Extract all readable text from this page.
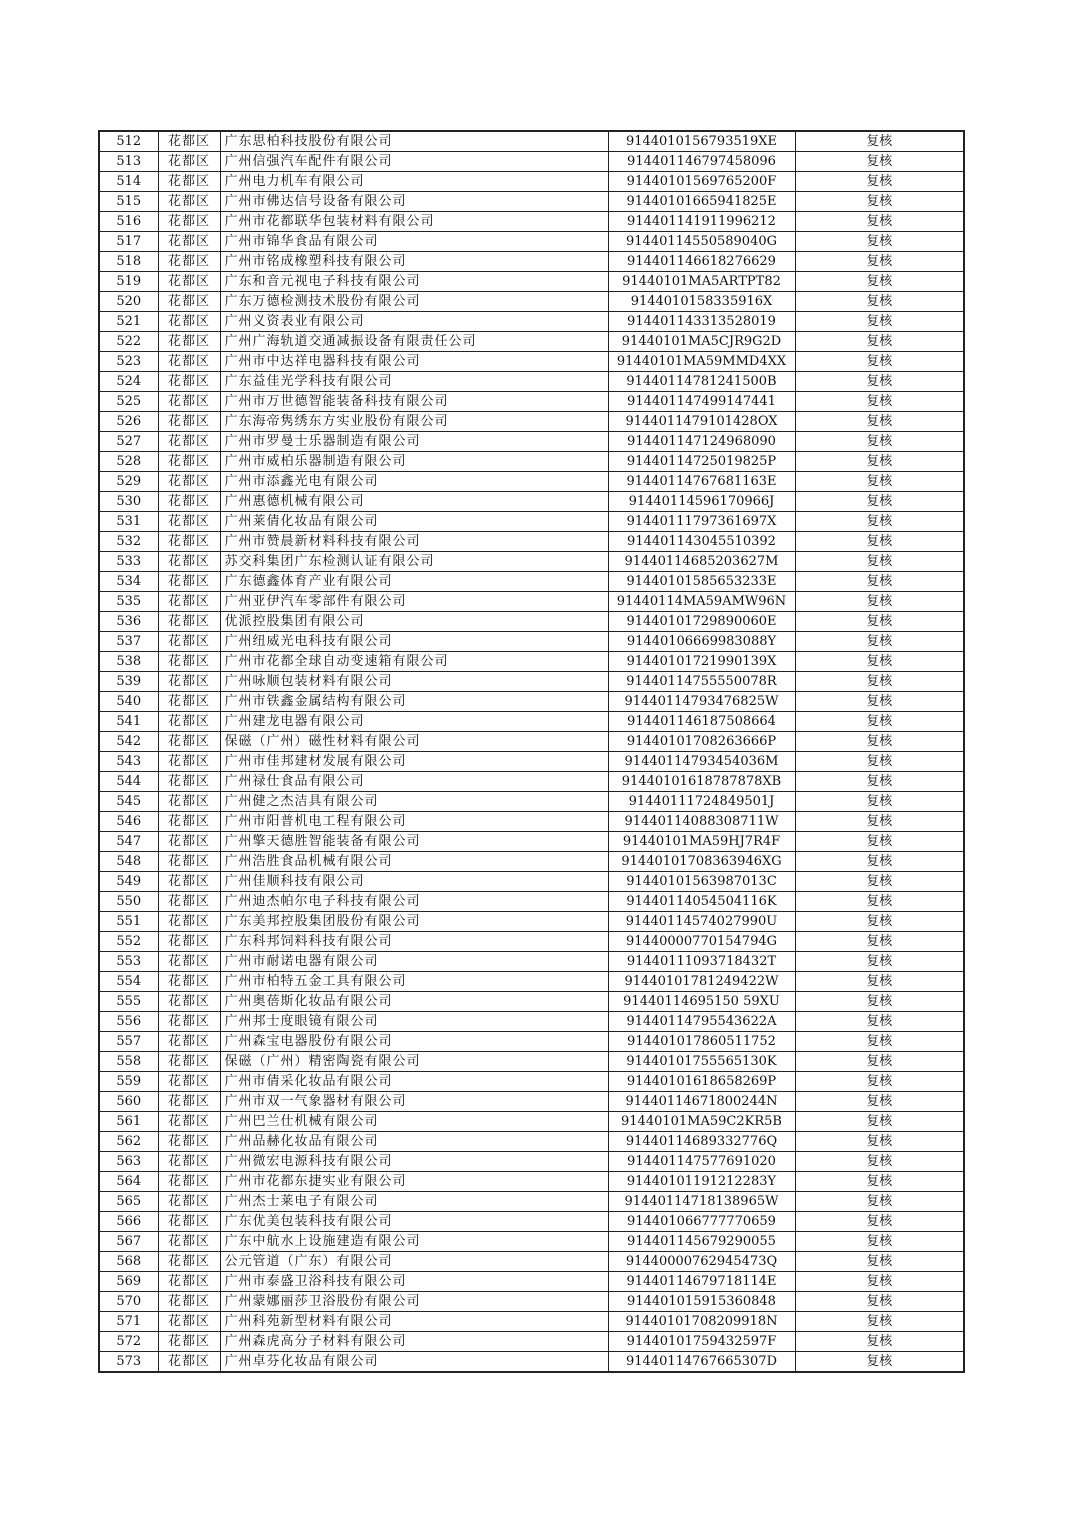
512	花都区	广东思柏科技股份有限公司	9144010156793519XE	复核
513	花都区	广州信强汽车配件有限公司	914401146797458096	复核
514	花都区	广州电力机车有限公司	91440101569765200F	复核
515	花都区	广州市佛达信号设备有限公司	91440101665941825E	复核
516	花都区	广州市花都联华包装材料有限公司	914401141911996212	复核
517	花都区	广州市锦华食品有限公司	91440114550589040G	复核
518	花都区	广州市铭成橡塑科技有限公司	914401146618276629	复核
519	花都区	广东和音元视电子科技有限公司	91440101MA5ARTPT82	复核
520	花都区	广东万德检测技术股份有限公司	9144010158335916X	复核
521	花都区	广州义资表业有限公司	914401143313528019	复核
522	花都区	广州广海轨道交通减振设备有限责任公司	91440101MA5CJR9G2D	复核
523	花都区	广州市中达祥电器科技有限公司	91440101MA59MMD4XX	复核
524	花都区	广东益佳光学科技有限公司	91440114781241500B	复核
525	花都区	广州市万世德智能装备科技有限公司	914401147499147441	复核
526	花都区	广东海帝隽绣东方实业股份有限公司	9144011479101428OX	复核
527	花都区	广州市罗曼士乐器制造有限公司	914401147124968090	复核
528	花都区	广州市威柏乐器制造有限公司	91440114725019825P	复核
529	花都区	广州市添鑫光电有限公司	91440114767681163E	复核
530	花都区	广州惠德机械有限公司	91440114596170966J	复核
531	花都区	广州莱倩化妆品有限公司	91440111797361697X	复核
532	花都区	广州市赞晨新材料科技有限公司	914401143045510392	复核
533	花都区	苏交科集团广东检测认证有限公司	91440114685203627M	复核
534	花都区	广东德鑫体育产业有限公司	91440101585653233E	复核
535	花都区	广州亚伊汽车零部件有限公司	91440114MA59AMW96N	复核
536	花都区	优派控股集团有限公司	91440101729890060E	复核
537	花都区	广州纽威光电科技有限公司	91440106669983088Y	复核
538	花都区	广州市花都全球自动变速箱有限公司	91440101721990139X	复核
539	花都区	广州咏顺包装材料有限公司	91440114755550078R	复核
540	花都区	广州市铁鑫金属结构有限公司	91440114793476825W	复核
541	花都区	广州建龙电器有限公司	914401146187508664	复核
542	花都区	保磁（广州）磁性材料有限公司	91440101708263666P	复核
543	花都区	广州市佳邦建材发展有限公司	91440114793454036M	复核
544	花都区	广州禄仕食品有限公司	91440101618787878XB	复核
545	花都区	广州健之杰洁具有限公司	91440111724849501J	复核
546	花都区	广州市阳普机电工程有限公司	91440114088308711W	复核
547	花都区	广州擎天德胜智能装备有限公司	91440101MA59HJ7R4F	复核
548	花都区	广州浩胜食品机械有限公司	91440101708363946XG	复核
549	花都区	广州佳顺科技有限公司	91440101563987013C	复核
550	花都区	广州迪杰帕尔电子科技有限公司	91440114054504116K	复核
551	花都区	广东美邦控股集团股份有限公司	91440114574027990U	复核
552	花都区	广东科邦饲料科技有限公司	91440000770154794G	复核
553	花都区	广州市耐诺电器有限公司	91440111093718432T	复核
554	花都区	广州市柏特五金工具有限公司	91440101781249422W	复核
555	花都区	广州奥蓓斯化妆品有限公司	91440114695150 59XU	复核
556	花都区	广州邦士度眼镜有限公司	91440114795543622A	复核
557	花都区	广州森宝电器股份有限公司	914401017860511752	复核
558	花都区	保磁（广州）精密陶瓷有限公司	91440101755565130K	复核
559	花都区	广州市倩采化妆品有限公司	91440101618658269P	复核
560	花都区	广州市双一气象器材有限公司	91440114671800244N	复核
561	花都区	广州巴兰仕机械有限公司	91440101MA59C2KR5B	复核
562	花都区	广州品赫化妆品有限公司	91440114689332776Q	复核
563	花都区	广州微宏电源科技有限公司	914401147577691020	复核
564	花都区	广州市花都东捷实业有限公司	91440101191212283Y	复核
565	花都区	广州杰士莱电子有限公司	91440114718138965W	复核
566	花都区	广东优美包装科技有限公司	914401066777770659	复核
567	花都区	广东中航水上设施建造有限公司	914401145679290055	复核
568	花都区	公元管道（广东）有限公司	91440000762945473Q	复核
569	花都区	广州市泰盛卫浴科技有限公司	91440114679718114E	复核
570	花都区	广州蒙娜丽莎卫浴股份有限公司	914401015915360848	复核
571	花都区	广州科苑新型材料有限公司	91440101708209918N	复核
572	花都区	广州森虎高分子材料有限公司	91440101759432597F	复核
573	花都区	广州卓芬化妆品有限公司	91440114767665307D	复核
